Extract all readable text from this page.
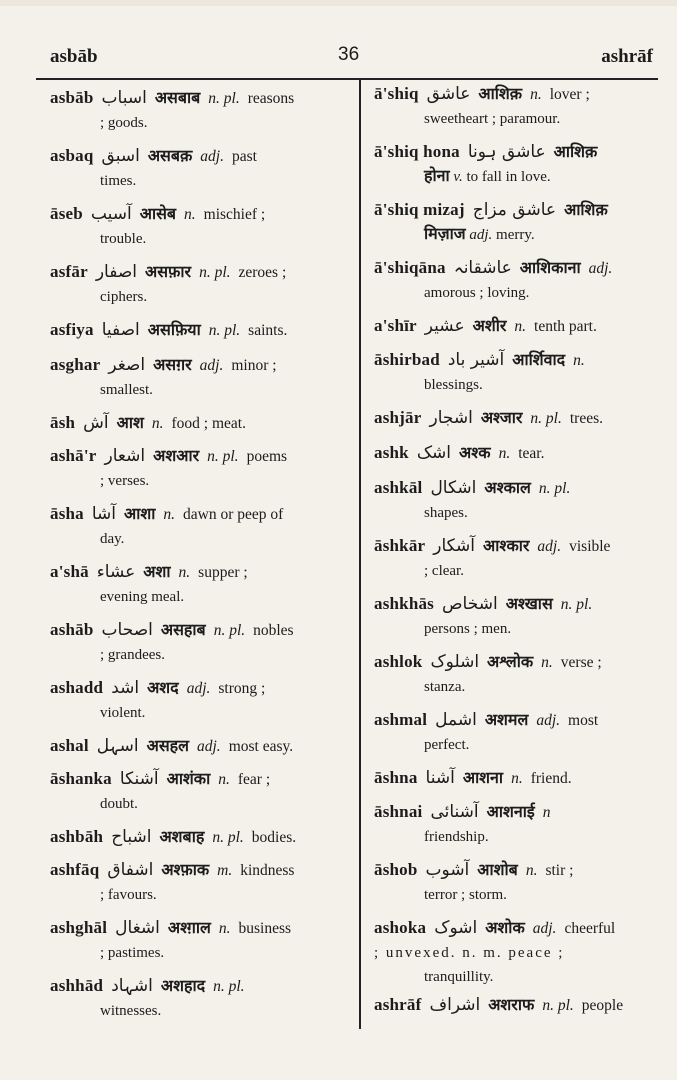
asbāb	36	ashrāf
asbāb اسباب असबाब n. pl. reasons
; goods.
asbaq اسبق असबक़ adj. past
times.
āseb آسیب आसेब n. mischief ;
trouble.
asfār اصفار असफ़ार n. pl. zeroes ;
ciphers.
asfiya اصفیا असफ़िया n. pl. saints.
asghar اصغر असग़र adj. minor ;
smallest.
āsh آش आश n. food ; meat.
ashā'r اشعار अशआर n. pl. poems
; verses.
āsha آشا आशा n. dawn or peep of
day.
a'shā عشاء अशा n. supper ;
evening meal.
ashāb اصحاب असहाब n. pl. nobles
; grandees.
ashadd اشد अशद adj. strong ;
violent.
ashal اسہل असहल adj. most easy.
āshanka آشنکا आशंका n. fear ;
doubt.
ashbāh اشباح अशबाह n. pl. bodies.
ashfāq اشفاق अश्फ़ाक m. kindness
; favours.
ashghāl اشغال अश्ग़ाल n. business
; pastimes.
ashhād اشہاد अशहाद n. pl.
witnesses.
ā'shiq عاشق आशिक़ n. lover ;
sweetheart ; paramour.
ā'shiq hona عاشق ہونا आशिक़
होना v. to fall in love.
ā'shiq mizaj عاشق مزاج आशिक़
मिज़ाज adj. merry.
ā'shiqāna عاشقانہ आशिकाना adj.
amorous ; loving.
a'shīr عشیر अशीर n. tenth part.
āshirbad آشیر باد आर्शिवाद n.
blessings.
ashjār اشجار अश्जार n. pl. trees.
ashk اشک अश्क n. tear.
ashkāl اشکال अश्काल n. pl.
shapes.
āshkār آشکار आश्कार adj. visible
; clear.
ashkhās اشخاص अश्खास n. pl.
persons ; men.
ashlok اشلوک अश्लोक n. verse ;
stanza.
ashmal اشمل अशमल adj. most
perfect.
āshna آشنا आशना n. friend.
āshnai آشنائی आशनाई n
friendship.
āshob آشوب आशोब n. stir ;
terror ; storm.
ashoka اشوک अशोक adj. cheerful
; unvexed. n. m. peace ;
tranquillity.
ashrāf اشراف अशराफ n. pl. people
